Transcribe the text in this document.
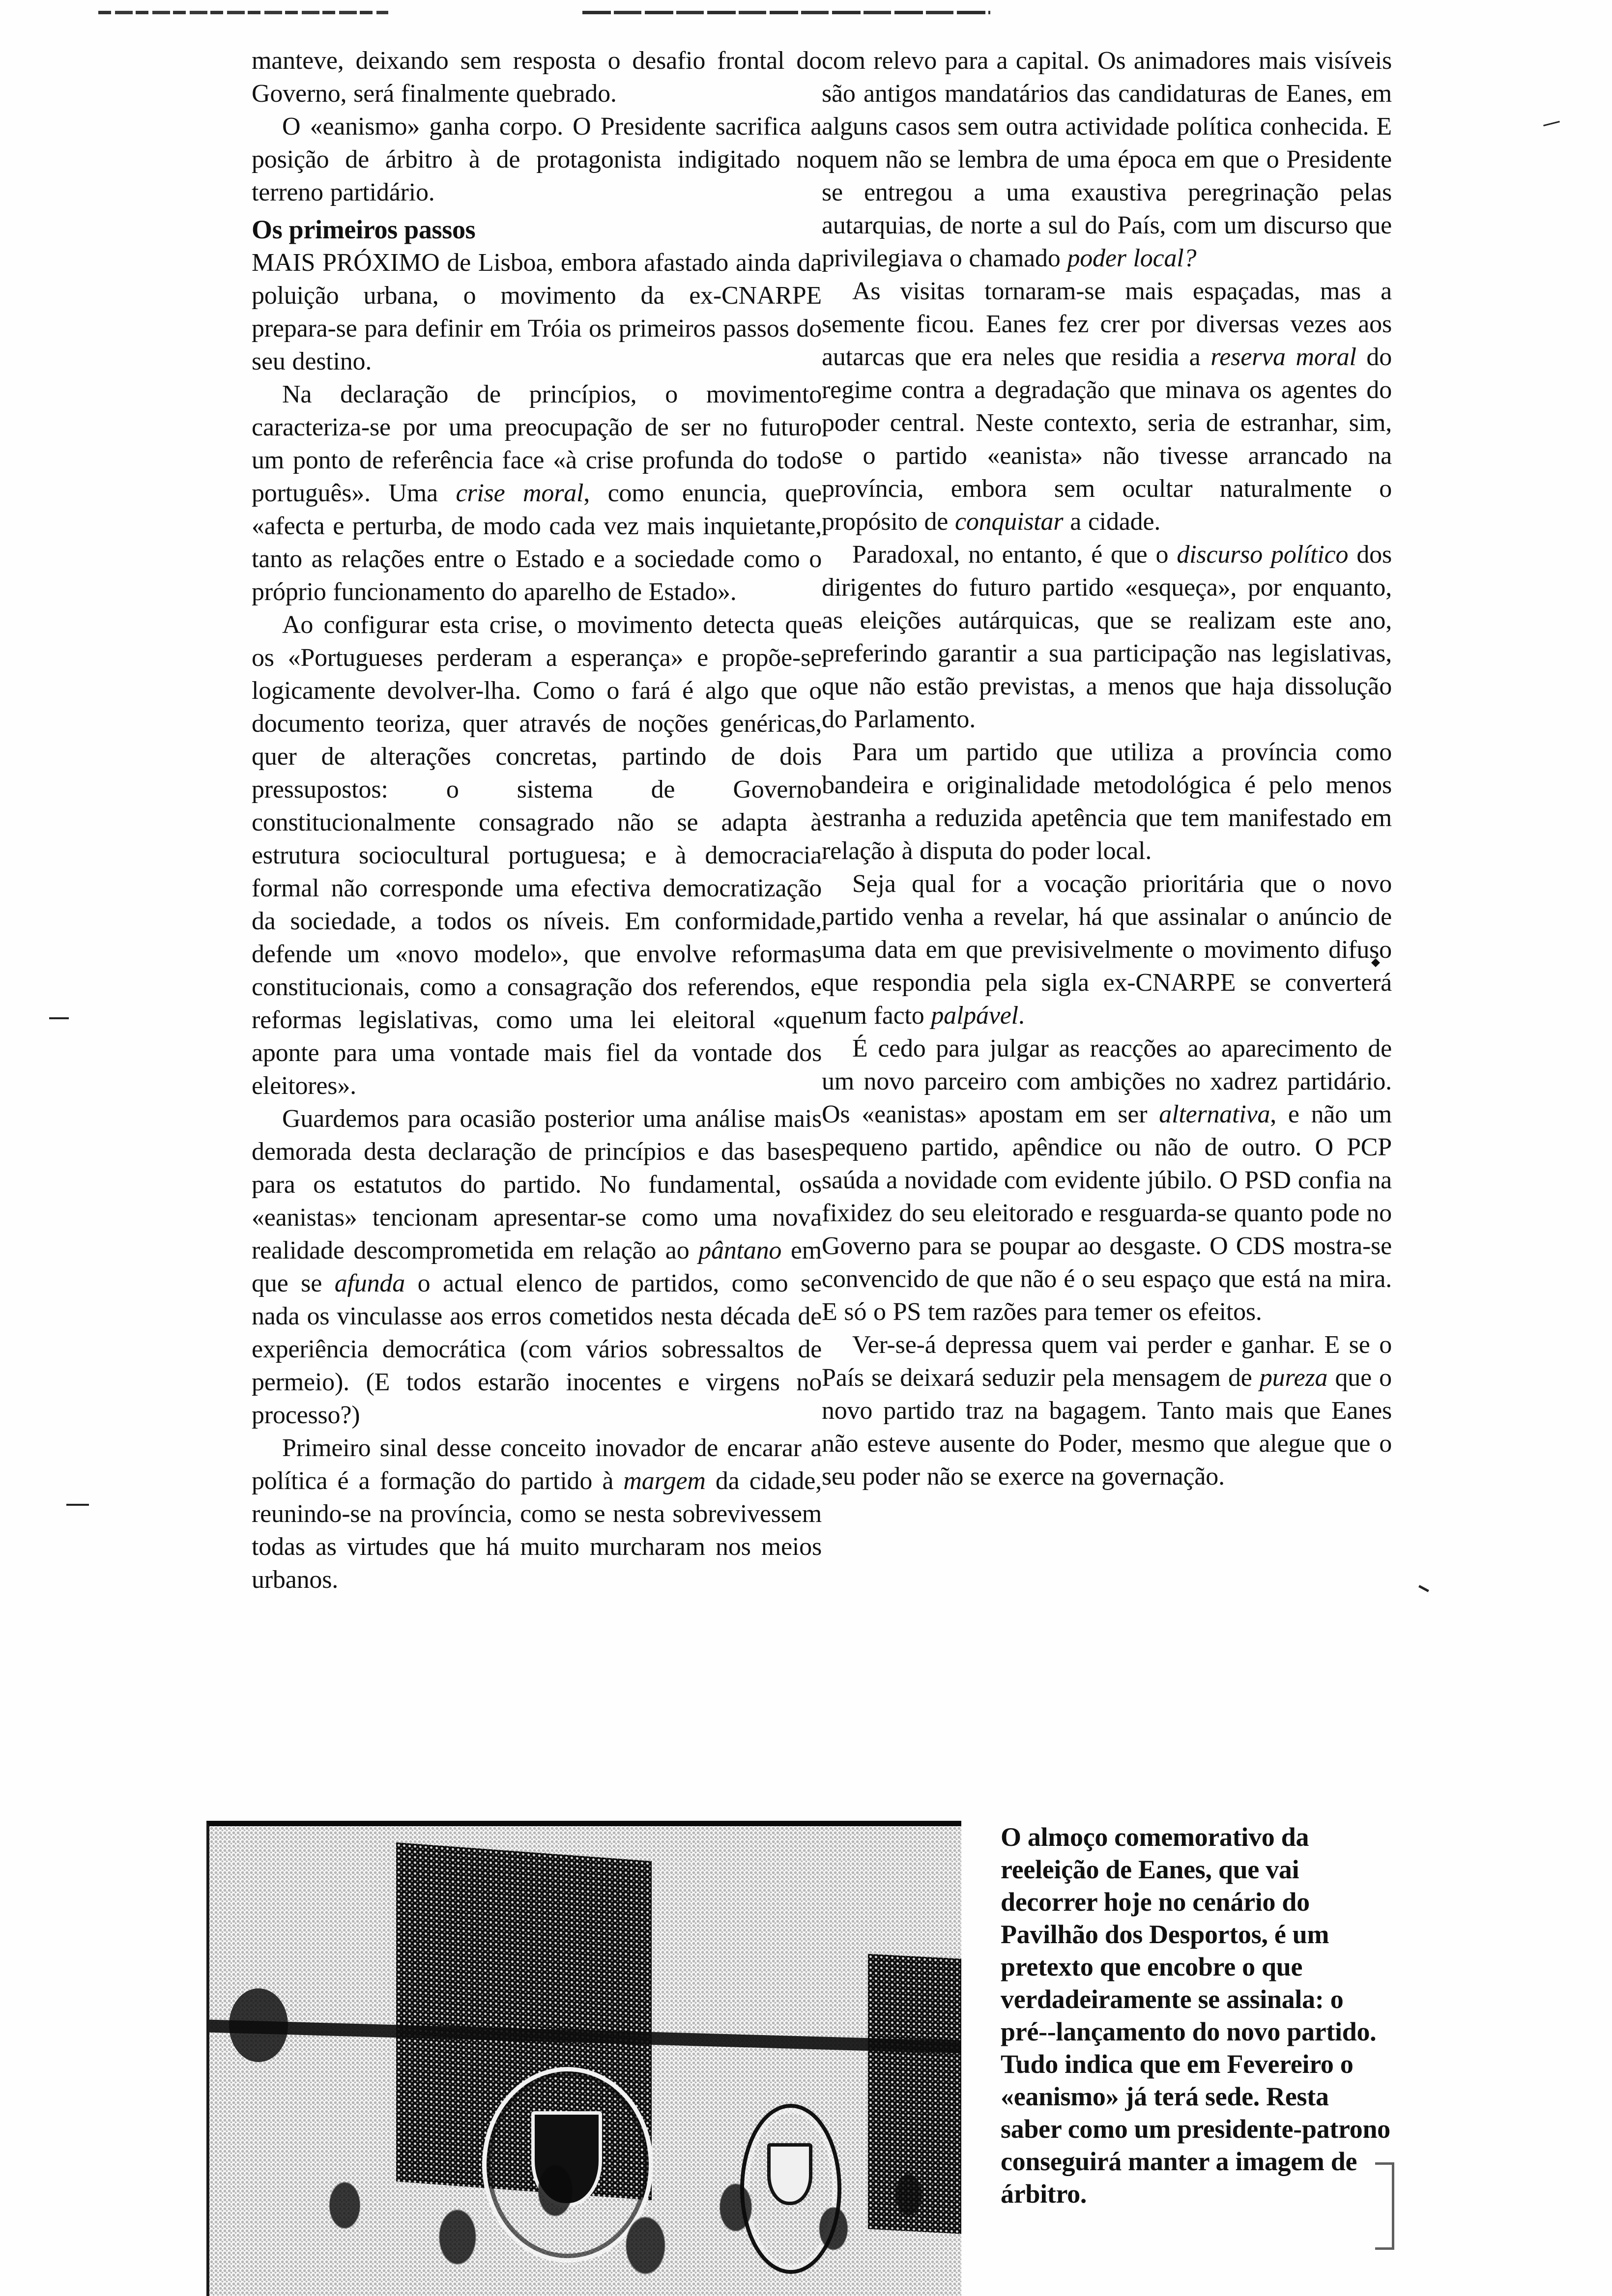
manteve, deixando sem resposta o desafio frontal do Governo, será finalmente quebrado.

O «eanismo» ganha corpo. O Presidente sacrifica a posição de árbitro à de protagonista indigitado no terreno partidário.

Os primeiros passos

MAIS PRÓXIMO de Lisboa, embora afastado ainda da poluição urbana, o movimento da ex-CNARPE prepara-se para definir em Tróia os primeiros passos do seu destino.

Na declaração de princípios, o movimento caracteriza-se por uma preocupação de ser no futuro um ponto de referência face «à crise profunda do todo português». Uma crise moral, como enuncia, que «afecta e perturba, de modo cada vez mais inquietante, tanto as relações entre o Estado e a sociedade como o próprio funcionamento do aparelho de Estado».

Ao configurar esta crise, o movimento detecta que os «Portugueses perderam a esperança» e propõe-se logicamente devolver-lha. Como o fará é algo que o documento teoriza, quer através de noções genéricas, quer de alterações concretas, partindo de dois pressupostos: o sistema de Governo constitucionalmente consagrado não se adapta à estrutura sociocultural portuguesa; e à democracia formal não corresponde uma efectiva democratização da sociedade, a todos os níveis. Em conformidade, defende um «novo modelo», que envolve reformas constitucionais, como a consagração dos referendos, e reformas legislativas, como uma lei eleitoral «que aponte para uma vontade mais fiel da vontade dos eleitores».

Guardemos para ocasião posterior uma análise mais demorada desta declaração de princípios e das bases para os estatutos do partido. No fundamental, os «eanistas» tencionam apresentar-se como uma nova realidade descomprometida em relação ao pântano em que se afunda o actual elenco de partidos, como se nada os vinculasse aos erros cometidos nesta década de experiência democrática (com vários sobressaltos de permeio). (E todos estarão inocentes e virgens no processo?)

Primeiro sinal desse conceito inovador de encarar a política é a formação do partido à margem da cidade, reunindo-se na província, como se nesta sobrevivessem todas as virtudes que há muito murcharam nos meios urbanos.

com relevo para a capital. Os animadores mais visíveis são antigos mandatários das candidaturas de Eanes, em alguns casos sem outra actividade política conhecida. E quem não se lembra de uma época em que o Presidente se entregou a uma exaustiva peregrinação pelas autarquias, de norte a sul do País, com um discurso que privilegiava o chamado poder local?

As visitas tornaram-se mais espaçadas, mas a semente ficou. Eanes fez crer por diversas vezes aos autarcas que era neles que residia a reserva moral do regime contra a degradação que minava os agentes do poder central. Neste contexto, seria de estranhar, sim, se o partido «eanista» não tivesse arrancado na província, embora sem ocultar naturalmente o propósito de conquistar a cidade.

Paradoxal, no entanto, é que o discurso político dos dirigentes do futuro partido «esqueça», por enquanto, as eleições autárquicas, que se realizam este ano, preferindo garantir a sua participação nas legislativas, que não estão previstas, a menos que haja dissolução do Parlamento.

Para um partido que utiliza a província como bandeira e originalidade metodológica é pelo menos estranha a reduzida apetência que tem manifestado em relação à disputa do poder local.

Seja qual for a vocação prioritária que o novo partido venha a revelar, há que assinalar o anúncio de uma data em que previsivelmente o movimento difuso que respondia pela sigla ex-CNARPE se converterá num facto palpável.

É cedo para julgar as reacções ao aparecimento de um novo parceiro com ambições no xadrez partidário. Os «eanistas» apostam em ser alternativa, e não um pequeno partido, apêndice ou não de outro. O PCP saúda a novidade com evidente júbilo. O PSD confia na fixidez do seu eleitorado e resguarda-se quanto pode no Governo para se poupar ao desgaste. O CDS mostra-se convencido de que não é o seu espaço que está na mira. E só o PS tem razões para temer os efeitos.

Ver-se-á depressa quem vai perder e ganhar. E se o País se deixará seduzir pela mensagem de pureza que o novo partido traz na bagagem. Tanto mais que Eanes não esteve ausente do Poder, mesmo que alegue que o seu poder não se exerce na governação.

O almoço comemorativo da reeleição de Eanes, que vai decorrer hoje no cenário do Pavilhão dos Desportos, é um pretexto que encobre o que verdadeiramente se assinala: o pré--lançamento do novo partido. Tudo indica que em Fevereiro o «eanismo» já terá sede. Resta saber como um presidente-patrono conseguirá manter a imagem de árbitro.
